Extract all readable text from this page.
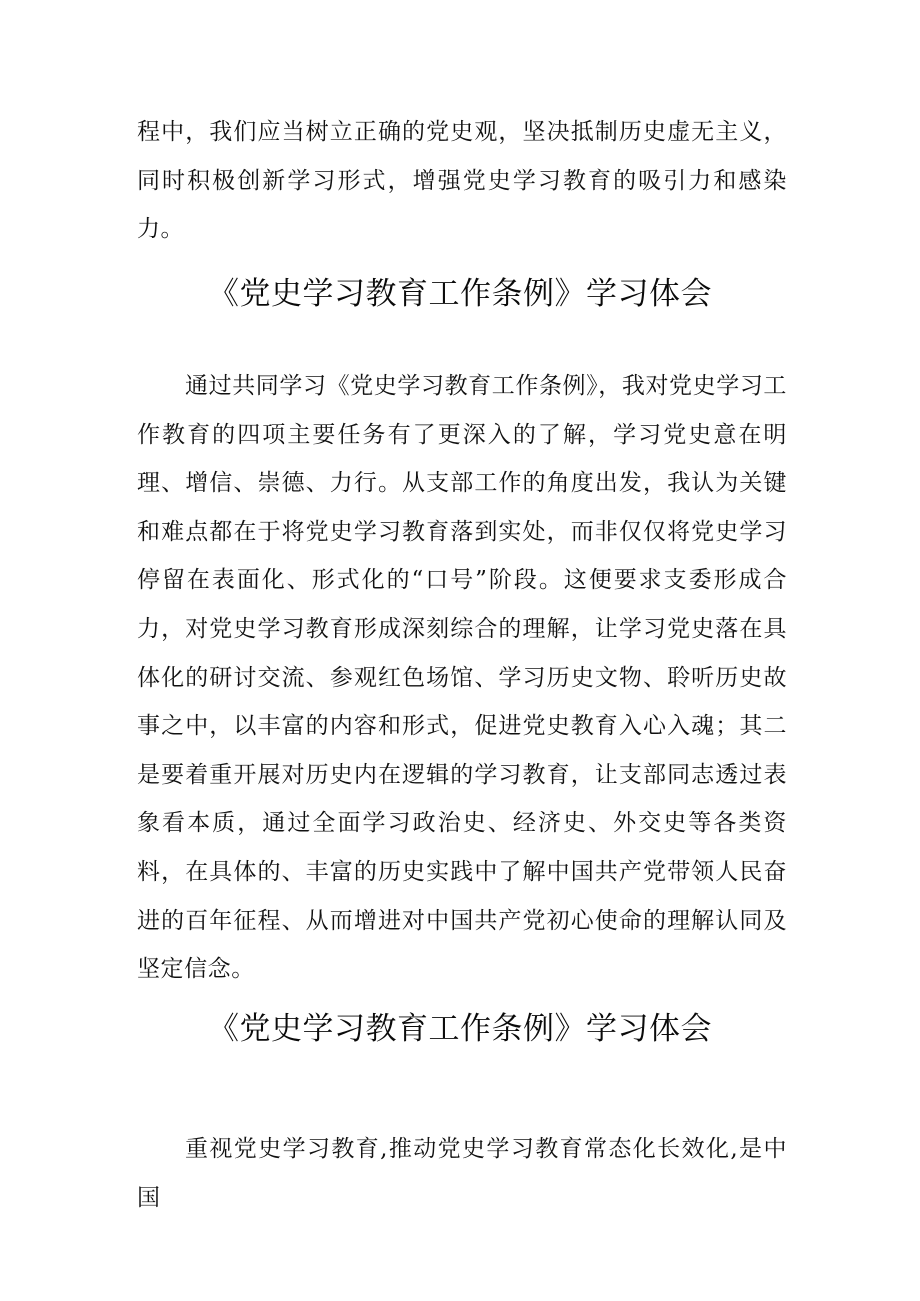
程中，我们应当树立正确的党史观，坚决抵制历史虚无主义，同时积极创新学习形式，增强党史学习教育的吸引力和感染力。

《党史学习教育工作条例》学习体会

通过共同学习《党史学习教育工作条例》，我对党史学习工作教育的四项主要任务有了更深入的了解，学习党史意在明理、增信、崇德、力行。从支部工作的角度出发，我认为关键和难点都在于将党史学习教育落到实处，而非仅仅将党史学习停留在表面化、形式化的“口号”阶段。这便要求支委形成合力，对党史学习教育形成深刻综合的理解，让学习党史落在具体化的研讨交流、参观红色场馆、学习历史文物、聆听历史故事之中，以丰富的内容和形式，促进党史教育入心入魂；其二是要着重开展对历史内在逻辑的学习教育，让支部同志透过表象看本质，通过全面学习政治史、经济史、外交史等各类资料，在具体的、丰富的历史实践中了解中国共产党带领人民奋进的百年征程、从而增进对中国共产党初心使命的理解认同及坚定信念。

《党史学习教育工作条例》学习体会

重视党史学习教育,推动党史学习教育常态化长效化,是中国
